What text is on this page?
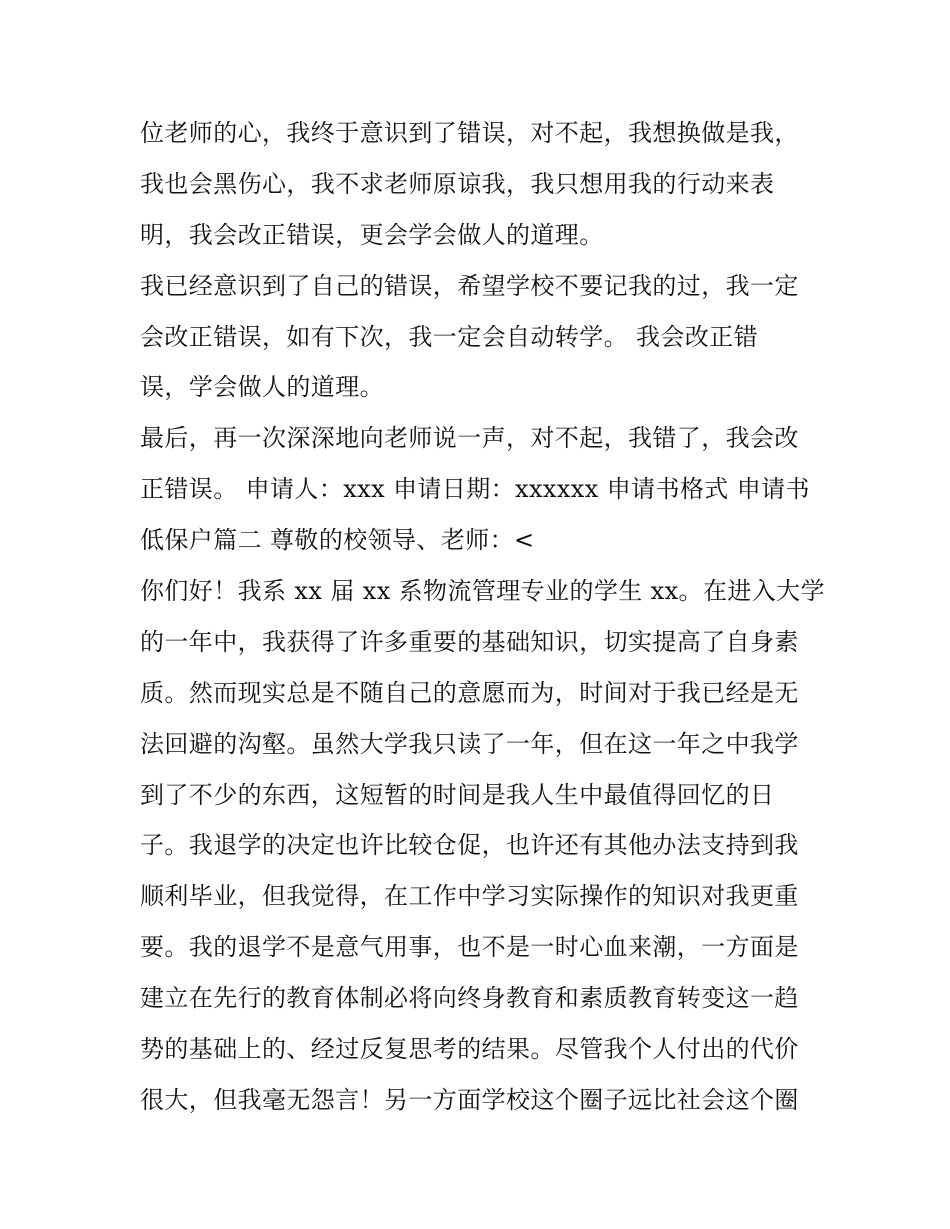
位老师的心，我终于意识到了错误，对不起，我想换做是我，
我也会黑伤心，我不求老师原谅我，我只想用我的行动来表
明，我会改正错误，更会学会做人的道理。
我已经意识到了自己的错误，希望学校不要记我的过，我一定
会改正错误，如有下次，我一定会自动转学。 我会改正错
误，学会做人的道理。
最后，再一次深深地向老师说一声，对不起，我错了，我会改
正错误。 申请人：xxx 申请日期：xxxxxx 申请书格式 申请书
低保户篇二 尊敬的校领导、老师：<
你们好！我系 xx 届 xx 系物流管理专业的学生 xx。在进入大学
的一年中，我获得了许多重要的基础知识，切实提高了自身素
质。然而现实总是不随自己的意愿而为，时间对于我已经是无
法回避的沟壑。虽然大学我只读了一年，但在这一年之中我学
到了不少的东西，这短暂的时间是我人生中最值得回忆的日
子。我退学的决定也许比较仓促，也许还有其他办法支持到我
顺利毕业，但我觉得，在工作中学习实际操作的知识对我更重
要。我的退学不是意气用事，也不是一时心血来潮，一方面是
建立在先行的教育体制必将向终身教育和素质教育转变这一趋
势的基础上的、经过反复思考的结果。尽管我个人付出的代价
很大，但我毫无怨言！另一方面学校这个圈子远比社会这个圈
